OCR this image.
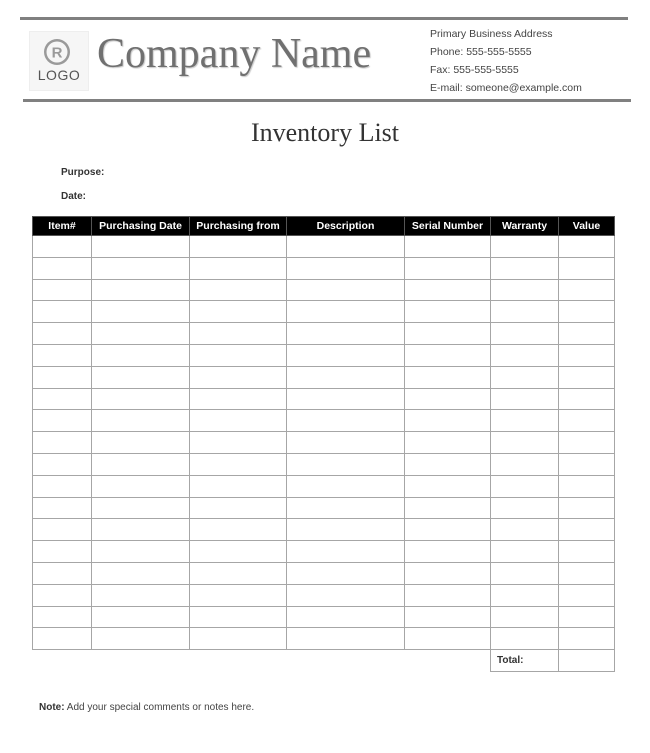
R
LOGO Company Name	Primary Business Address
Phone: 555-555-5555
Fax: 555-555-5555
E-mail: someone@example.com
Inventory List
Purpose:
Date:
Item#	Purchasing Date	Purchasing from	Description	Serial Number	Warranty	Value

					Total:	
Note: Add your special comments or notes here.
